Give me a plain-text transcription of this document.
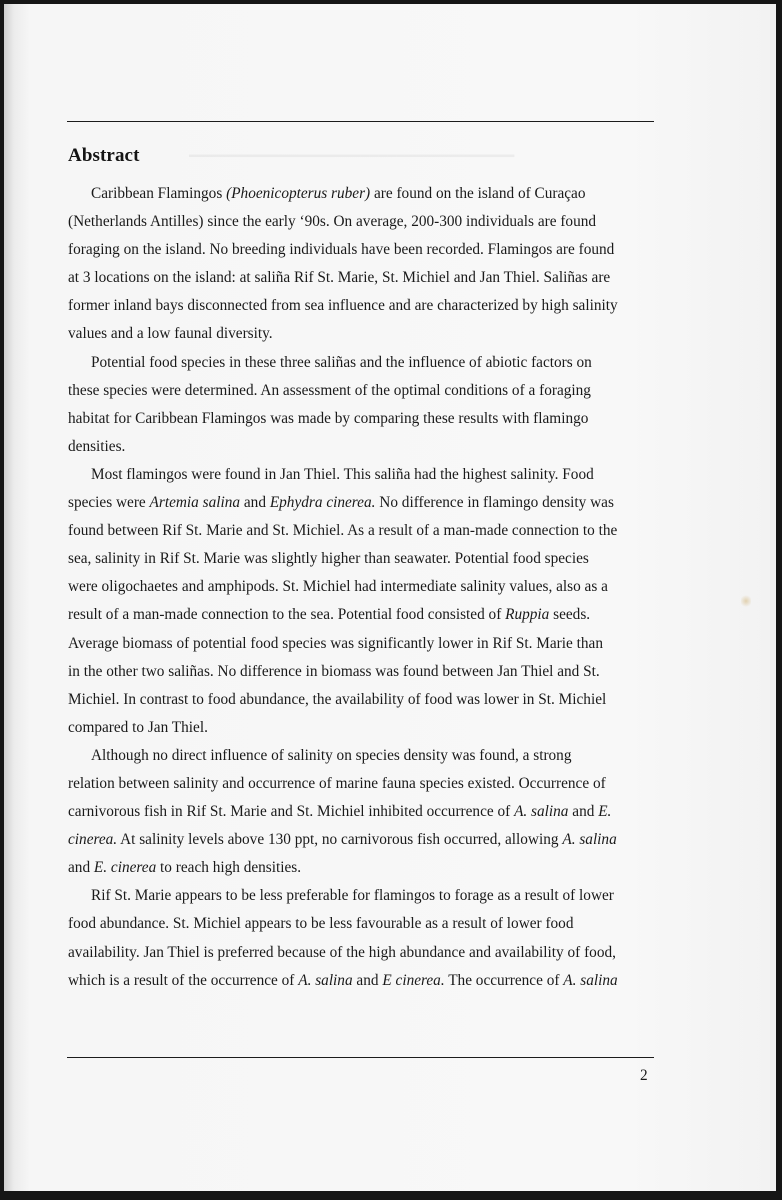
━━━━━━━━━━━━━━━━━━━━━━━━━━━━━━━━━━━━
Abstract

Caribbean Flamingos (Phoenicopterus ruber) are found on the island of Curaçao
(Netherlands Antilles) since the early ‘90s. On average, 200-300 individuals are found
foraging on the island. No breeding individuals have been recorded. Flamingos are found
at 3 locations on the island: at saliña Rif St. Marie, St. Michiel and Jan Thiel. Saliñas are
former inland bays disconnected from sea influence and are characterized by high salinity
values and a low faunal diversity.

Potential food species in these three saliñas and the influence of abiotic factors on
these species were determined. An assessment of the optimal conditions of a foraging
habitat for Caribbean Flamingos was made by comparing these results with flamingo
densities.

Most flamingos were found in Jan Thiel. This saliña had the highest salinity. Food
species were Artemia salina and Ephydra cinerea. No difference in flamingo density was
found between Rif St. Marie and St. Michiel. As a result of a man-made connection to the
sea, salinity in Rif St. Marie was slightly higher than seawater. Potential food species
were oligochaetes and amphipods. St. Michiel had intermediate salinity values, also as a
result of a man-made connection to the sea. Potential food consisted of Ruppia seeds.
Average biomass of potential food species was significantly lower in Rif St. Marie than
in the other two saliñas. No difference in biomass was found between Jan Thiel and St.
Michiel. In contrast to food abundance, the availability of food was lower in St. Michiel
compared to Jan Thiel.

Although no direct influence of salinity on species density was found, a strong
relation between salinity and occurrence of marine fauna species existed. Occurrence of
carnivorous fish in Rif St. Marie and St. Michiel inhibited occurrence of A. salina and E.
cinerea. At salinity levels above 130 ppt, no carnivorous fish occurred, allowing A. salina
and E. cinerea to reach high densities.

Rif St. Marie appears to be less preferable for flamingos to forage as a result of lower
food abundance. St. Michiel appears to be less favourable as a result of lower food
availability. Jan Thiel is preferred because of the high abundance and availability of food,
which is a result of the occurrence of A. salina and E cinerea. The occurrence of A. salina

2
